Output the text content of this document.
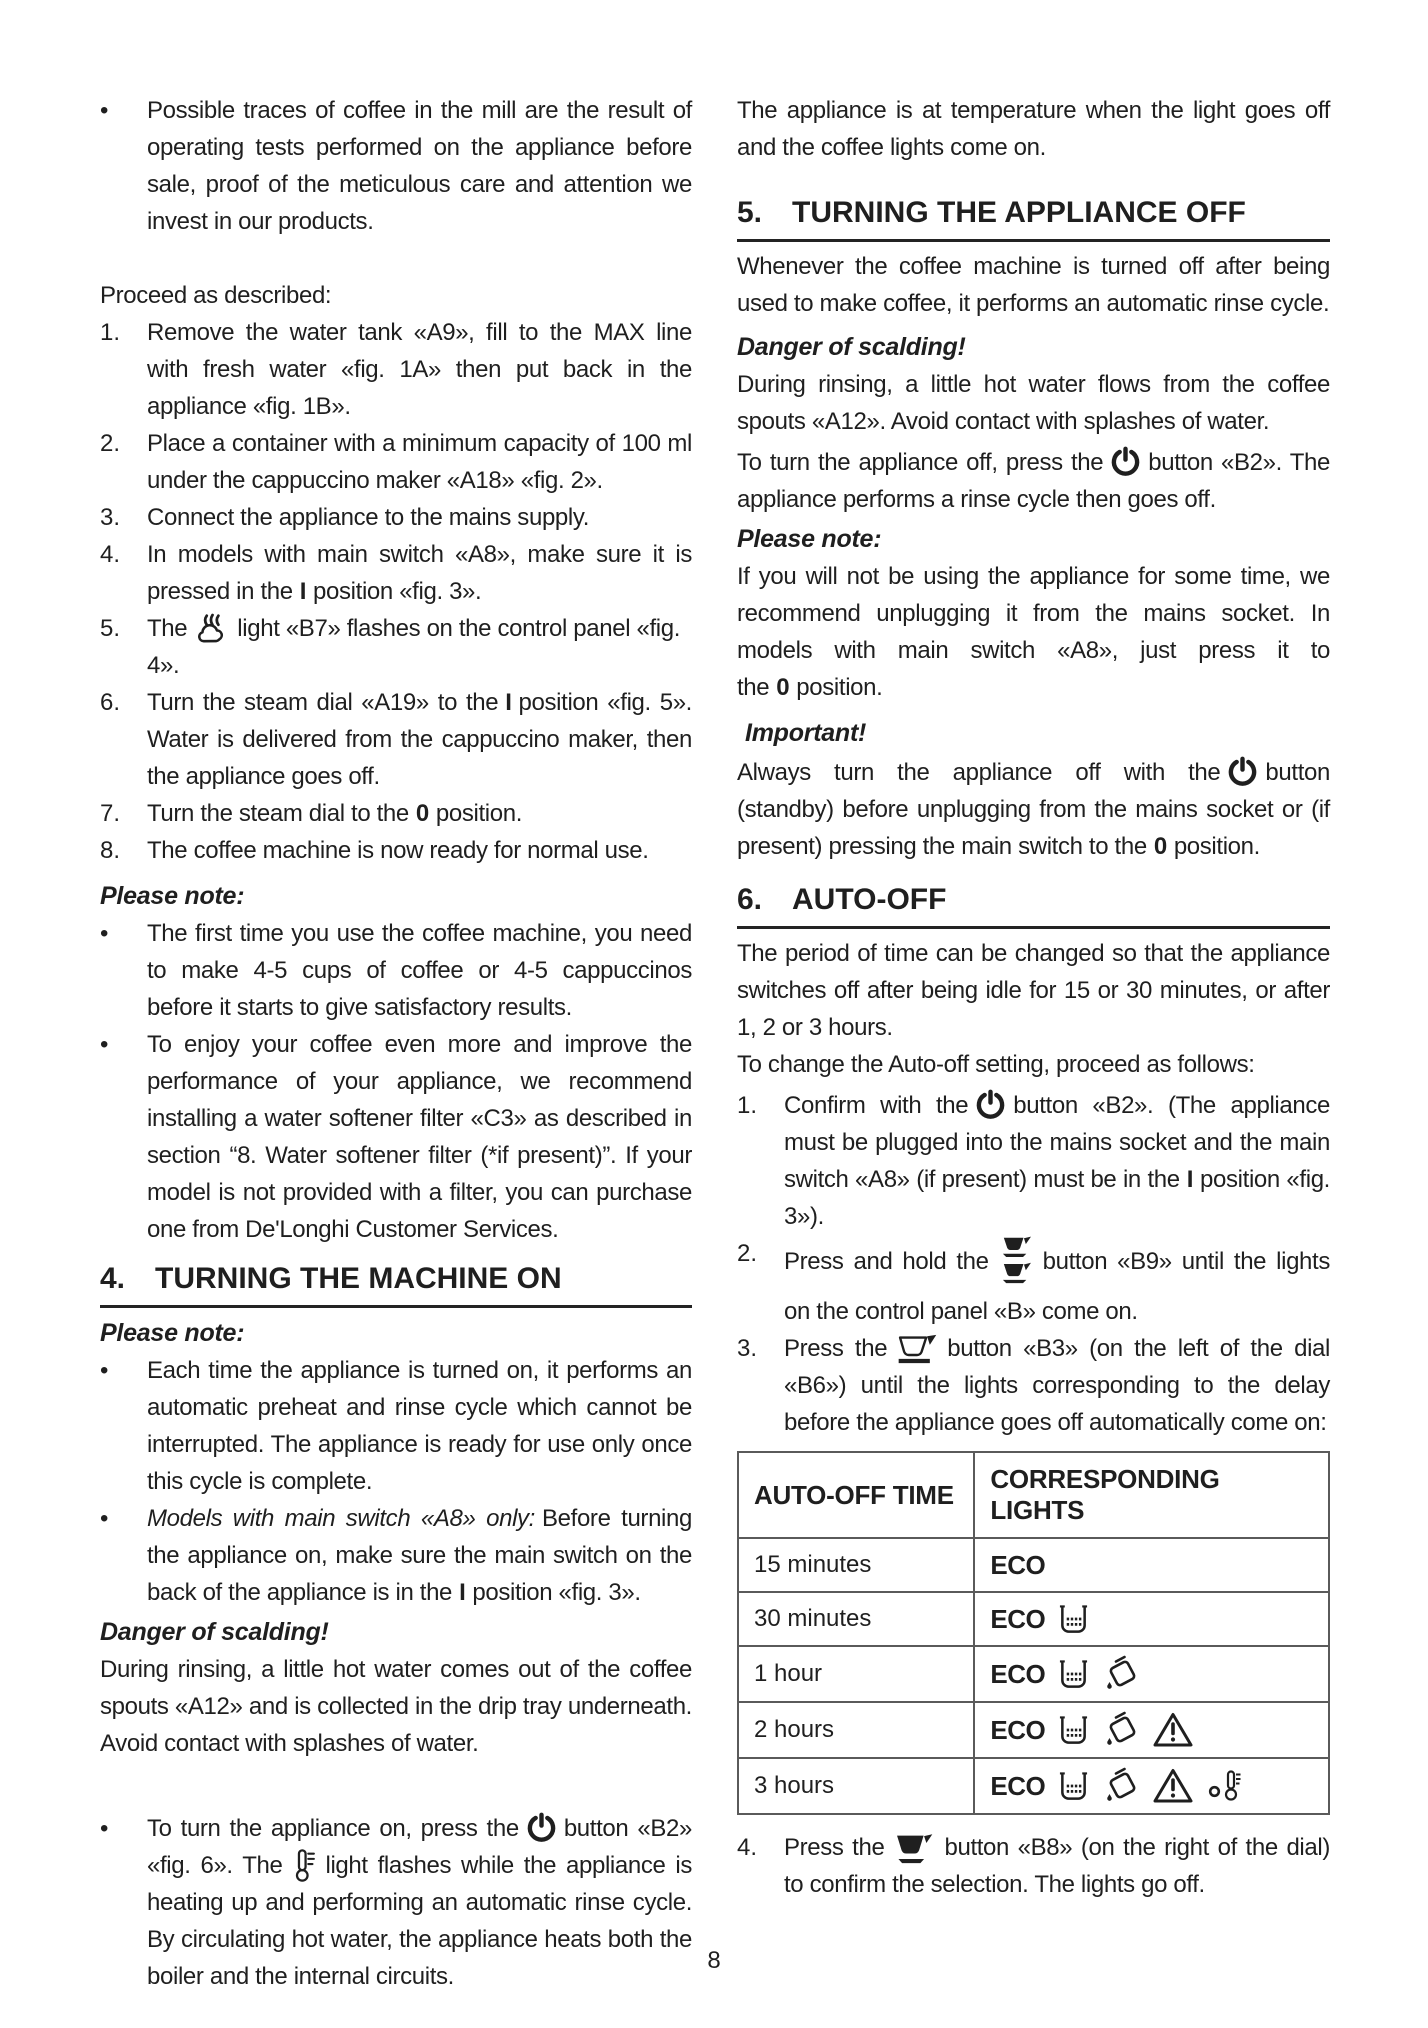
•	Possible traces of coffee in the mill are the result of operating tests performed on the appliance before sale, proof of the meticulous care and attention we invest in our products.
Proceed as described:
1.	Remove the water tank «A9», fill to the MAX line with fresh water «fig. 1A» then put back in the appliance «fig. 1B».
2.	Place a container with a minimum capacity of 100 ml under the cappuccino maker «A18» «fig. 2».
3.	Connect the appliance to the mains supply.
4.	In models with main switch «A8», make sure it is pressed in the I position «fig. 3».
5.	The light «B7» flashes on the control panel «fig. 4».
6.	Turn the steam dial «A19» to the I position «fig. 5». Water is delivered from the cappuccino maker, then the appliance goes off.
7.	Turn the steam dial to the 0 position.
8.	The coffee machine is now ready for normal use.
Please note:
•	The first time you use the coffee machine, you need to make 4-5 cups of coffee or 4-5 cappuccinos before it starts to give satisfactory results.
•	To enjoy your coffee even more and improve the performance of your appliance, we recommend installing a water softener filter «C3» as described in section “8. Water softener filter (*if present)”. If your model is not provided with a filter, you can purchase one from De'Longhi Customer Services.
4. TURNING THE MACHINE ON
Please note:
•	Each time the appliance is turned on, it performs an automatic preheat and rinse cycle which cannot be interrupted. The appliance is ready for use only once this cycle is complete.
•	Models with main switch «A8» only: Before turning the appliance on, make sure the main switch on the back of the appliance is in the I position «fig. 3».
Danger of scalding!
During rinsing, a little hot water comes out of the coffee spouts «A12» and is collected in the drip tray underneath. Avoid contact with splashes of water.
•	To turn the appliance on, press the button «B2» «fig. 6». The light flashes while the appliance is heating up and performing an automatic rinse cycle. By circulating hot water, the appliance heats both the boiler and the internal circuits.
The appliance is at temperature when the light goes off and the coffee lights come on.
5. TURNING THE APPLIANCE OFF
Whenever the coffee machine is turned off after being used to make coffee, it performs an automatic rinse cycle.
Danger of scalding!
During rinsing, a little hot water flows from the coffee spouts «A12». Avoid contact with splashes of water.
To turn the appliance off, press the button «B2». The appliance performs a rinse cycle then goes off.
Please note:
If you will not be using the appliance for some time, we recommend unplugging it from the mains socket. In models with main switch «A8», just press it to the 0 position.
Important!
Always turn the appliance off with the button (standby) before unplugging from the mains socket or (if present) pressing the main switch to the 0 position.
6. AUTO-OFF
The period of time can be changed so that the appliance switches off after being idle for 15 or 30 minutes, or after 1, 2 or 3 hours.
To change the Auto-off setting, proceed as follows:
1.	Confirm with the button «B2». (The appliance must be plugged into the mains socket and the main switch «A8» (if present) must be in the I position «fig. 3»).
2.	Press and hold the button «B9» until the lights on the control panel «B» come on.
3.	Press the	button «B3» (on the left of the dial «B6») until the lights corresponding to the delay before the appliance goes off automatically come on:
AUTO-OFF TIME	CORRESPONDING LIGHTS
15 minutes	ECO

30 minutes	ECO

1 hour	ECO

2 hours	ECO

3 hours	ECO
4.	Press the	button «B8» (on the right of the dial) to confirm the selection. The lights go off.
8
